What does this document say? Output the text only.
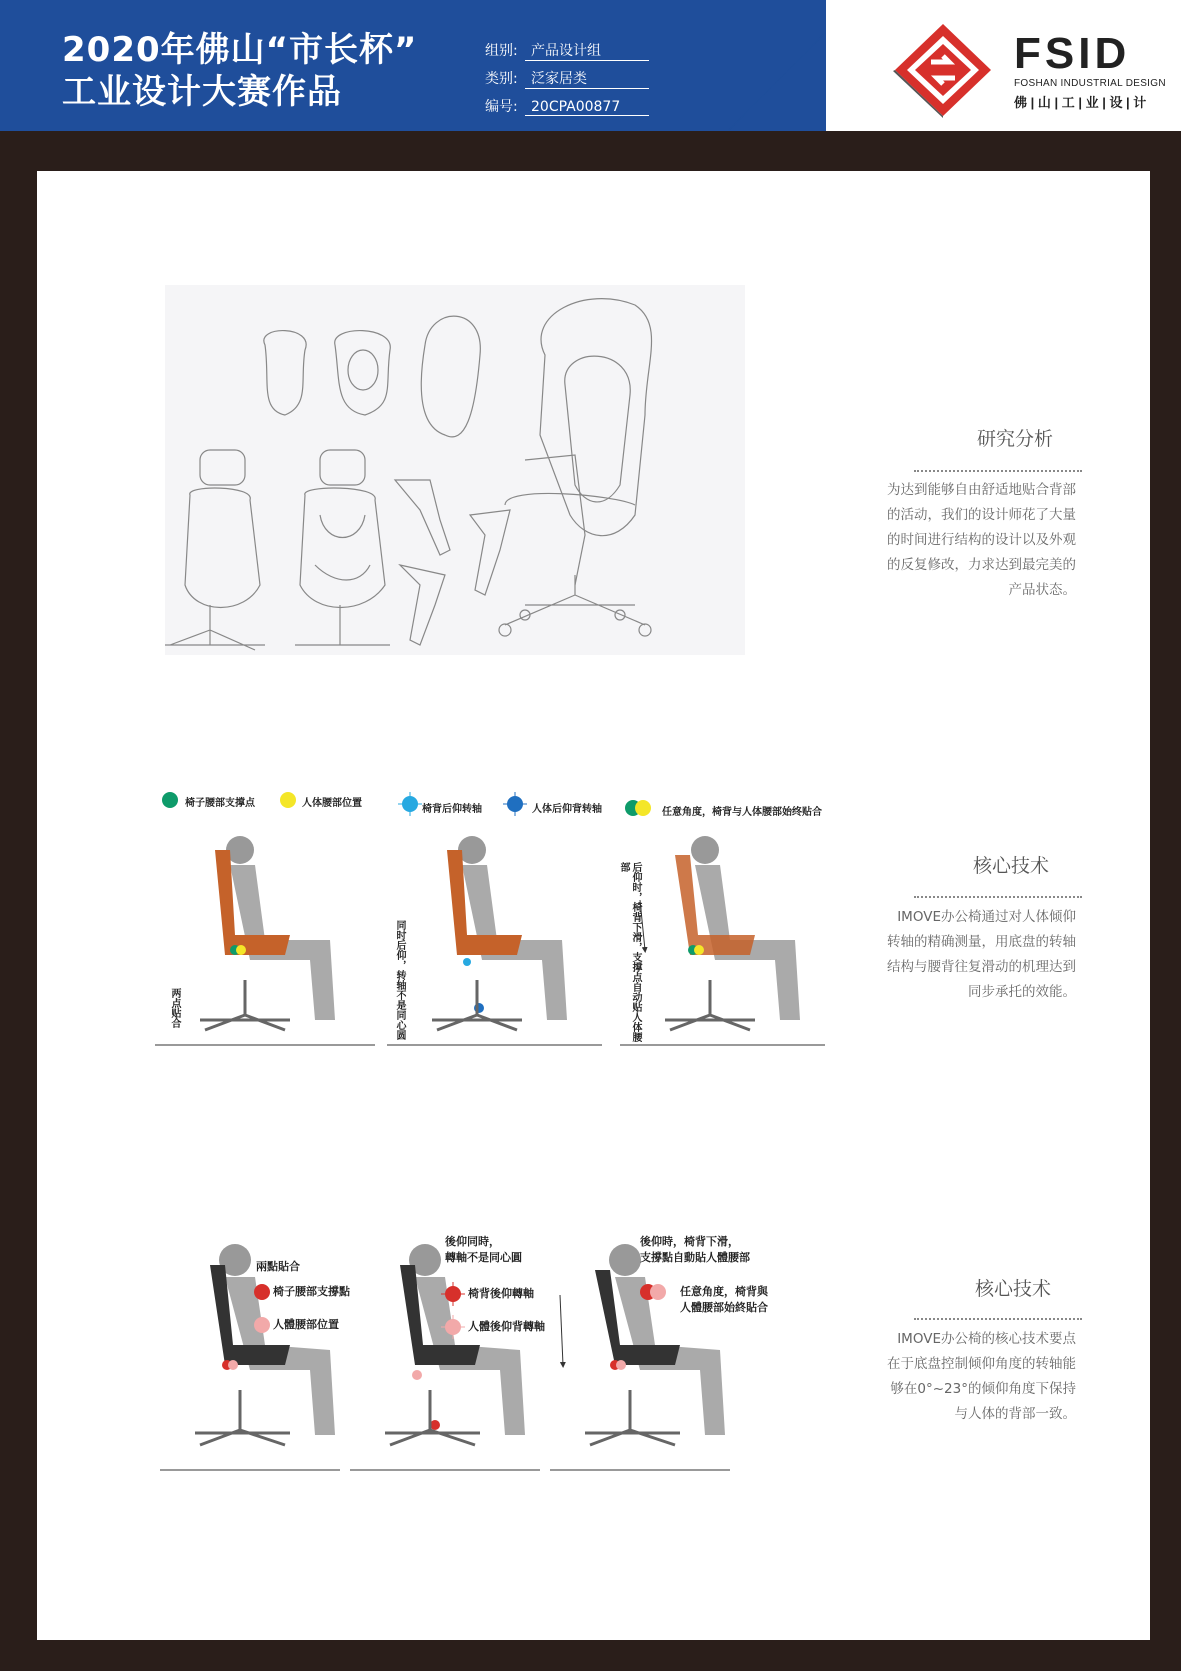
2020年佛山“市长杯”
工业设计大赛作品
组别: 产品设计组
类别: 泛家居类
编号: 20CPA00877
FSID
FOSHAN INDUSTRIAL DESIGN
佛 | 山 | 工 | 业 | 设 | 计
研究分析
为达到能够自由舒适地贴合背部的活动，我们的设计师花了大量的时间进行结构的设计以及外观的反复修改，力求达到最完美的产品状态。
核心技术
IMOVE办公椅通过对人体倾仰转轴的精确测量，用底盘的转轴结构与腰背往复滑动的机理达到同步承托的效能。
核心技术
IMOVE办公椅的核心技术要点在于底盘控制倾仰角度的转轴能够在0°~23°的倾仰角度下保持与人体的背部一致。
椅子腰部支撑点	人体腰部位置
椅背后仰转轴	人体后仰背转轴	任意角度，椅背与人体腰部始终贴合
两点贴合	同时后仰，转轴不是同心圆	后仰时，椅背下滑，支撑点自动贴人体腰部
兩點貼合
椅子腰部支撐點
人體腰部位置
後仰同時，
轉軸不是同心圓
椅背後仰轉軸
人體後仰背轉軸
後仰時，椅背下滑，
支撐點自動貼人體腰部
任意角度，椅背與
人體腰部始終貼合
